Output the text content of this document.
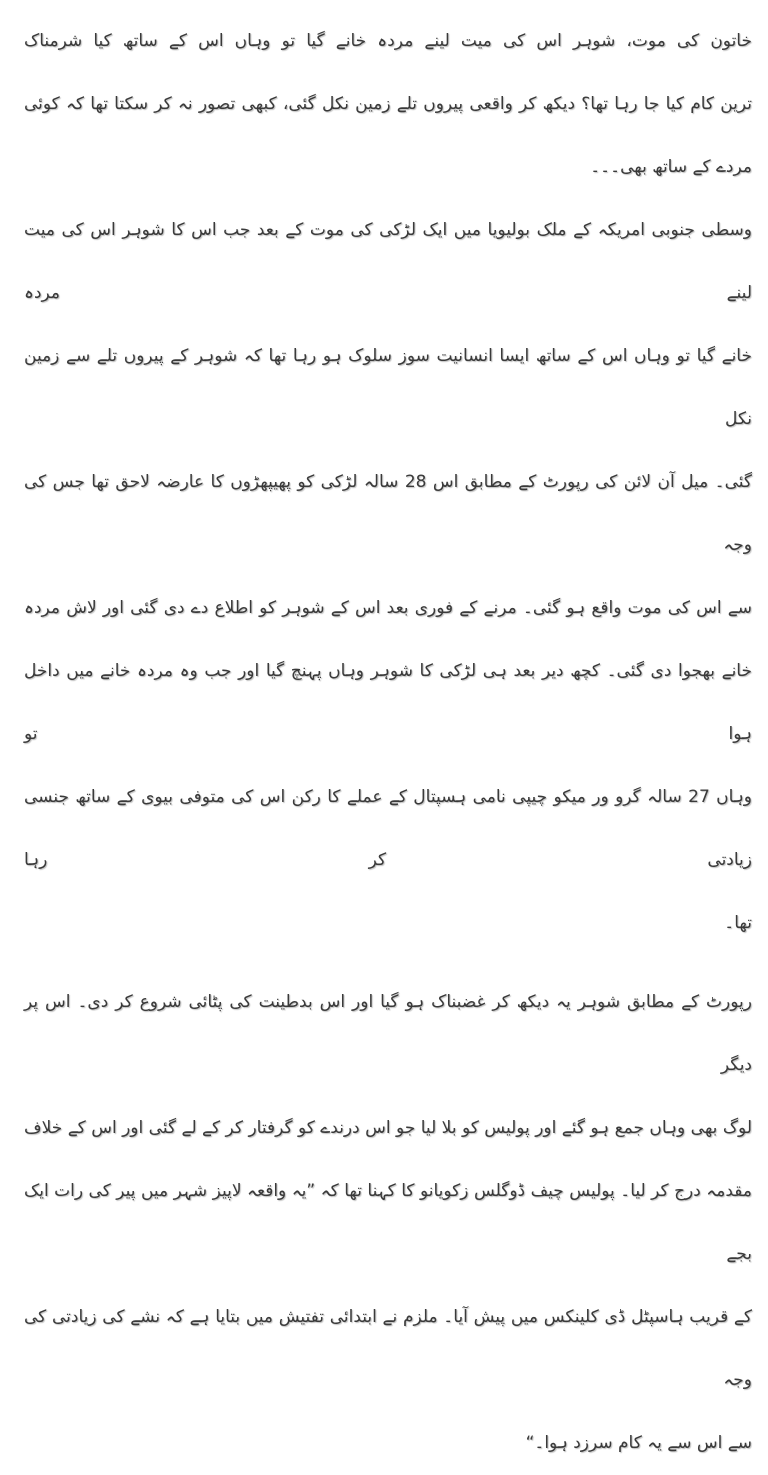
خاتون کی موت، شوہر اس کی میت لینے مردہ خانے گیا تو وہاں اس کے ساتھ کیا شرمناک
ترین کام کیا جا رہا تھا؟ دیکھ کر واقعی پیروں تلے زمین نکل گئی، کبھی تصور نہ کر سکتا تھا کہ کوئی
مردے کے ساتھ بھی۔۔۔
وسطی جنوبی امریکہ کے ملک بولیویا میں ایک لڑکی کی موت کے بعد جب اس کا شوہر اس کی میت لینے مردہ
خانے گیا تو وہاں اس کے ساتھ ایسا انسانیت سوز سلوک ہو رہا تھا کہ شوہر کے پیروں تلے سے زمین نکل
گئی۔ میل آن لائن کی رپورٹ کے مطابق اس 28 سالہ لڑکی کو پھیپھڑوں کا عارضہ لاحق تھا جس کی وجہ
سے اس کی موت واقع ہو گئی۔ مرنے کے فوری بعد اس کے شوہر کو اطلاع دے دی گئی اور لاش مردہ
خانے بھجوا دی گئی۔ کچھ دیر بعد ہی لڑکی کا شوہر وہاں پہنچ گیا اور جب وہ مردہ خانے میں داخل ہوا تو
وہاں 27 سالہ گرو ور میکو چیپی نامی ہسپتال کے عملے کا رکن اس کی متوفی بیوی کے ساتھ جنسی زیادتی کر رہا
تھا۔
رپورٹ کے مطابق شوہر یہ دیکھ کر غضبناک ہو گیا اور اس بدطینت کی پٹائی شروع کر دی۔ اس پر دیگر
لوگ بھی وہاں جمع ہو گئے اور پولیس کو بلا لیا جو اس درندے کو گرفتار کر کے لے گئی اور اس کے خلاف
مقدمہ درج کر لیا۔ پولیس چیف ڈوگلس زکویانو کا کہنا تھا کہ ”یہ واقعہ لاپیز شہر میں پیر کی رات ایک بجے
کے قریب ہاسپٹل ڈی کلینکس میں پیش آیا۔ ملزم نے ابتدائی تفتیش میں بتایا ہے کہ نشے کی زیادتی کی وجہ
سے اس سے یہ کام سرزد ہوا۔“
